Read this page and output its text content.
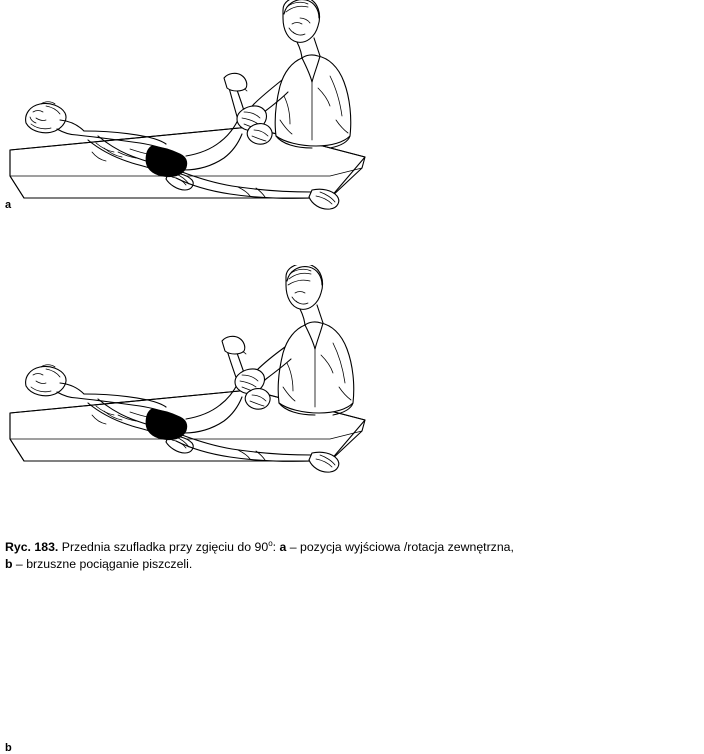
a
b
Ryc. 183. Przednia szufladka przy zgięciu do 90$^o$: a – pozycja wyjściowa /rotacja zewnętrzna,
b – brzuszne pociąganie piszczeli.
